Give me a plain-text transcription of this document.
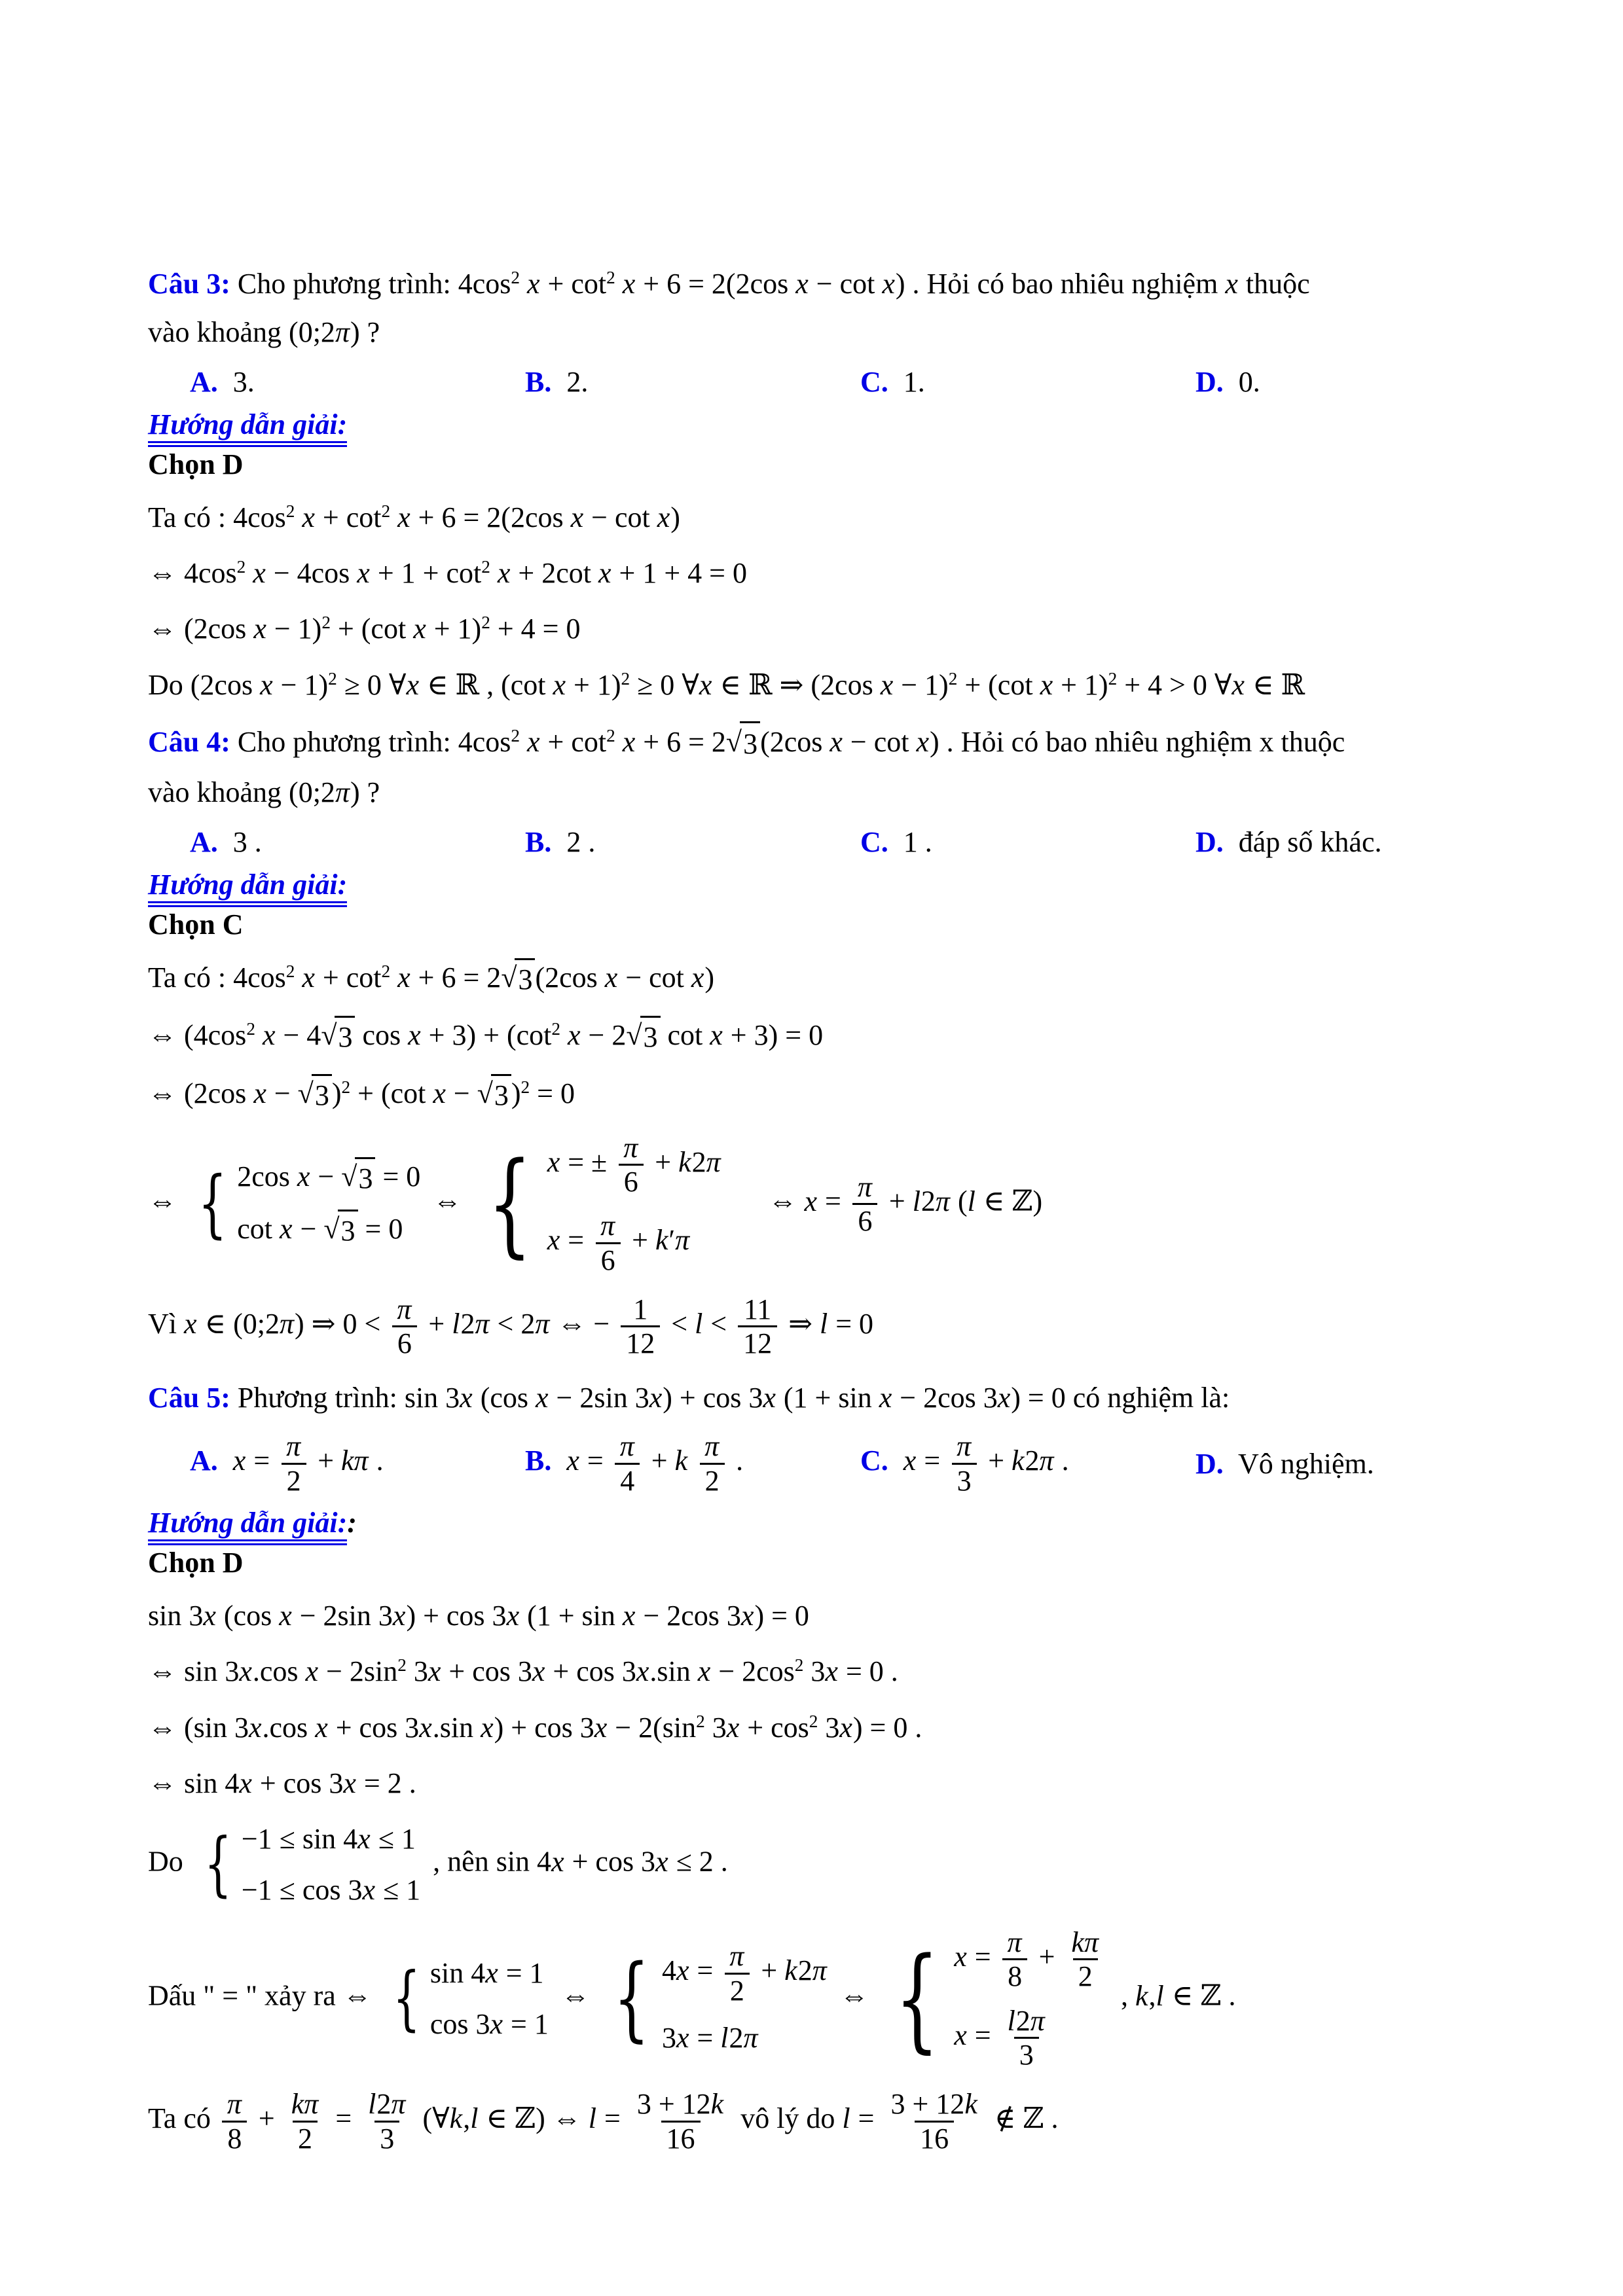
Câu 3: Cho phương trình: $4\cos^2$ $x + \cot^2 x + 6 = 2(2\cos$ x − cot x) . Hỏi có bao nhiêu nghiệm x thuộc
vào khoảng (0;2π) ?
A. 3.	B. 2.	C. 1.	D. 0.
Hướng dẫn giải:
Chọn D
Ta có : $4\cos^2$ $x + \cot^2 x + 6 = 2(2\cos$ x − cot x)
⇔ $4\cos^2$ x − 4cos $x + 1 + \cot^2 x + 2\cot$ x + 1 + 4 = 0
⇔ (2cos x − 1)$^2$ + (cot x + 1)$^2$ + 4 = 0
Do (2cos x − 1)$^2$ ≥ 0 ∀x ∈ ℝ , (cot x + 1)$^2$ ≥ 0 ∀x ∈ ℝ ⇒ (2cos x − 1)$^2$ + (cot x + 1)$^2$ + 4 > 0 ∀x ∈ ℝ
Câu 4: Cho phương trình: $4\cos^2$ $x + \cot^2 x + 6 = 2$ √ 3 (2cos x − cot x) . Hỏi có bao nhiêu nghiệm x thuộc
vào khoảng (0;2π) ?
A. 3 .	B. 2 .	C. 1 .	D. đáp số khác.
Hướng dẫn giải:
Chọn C
Ta có : $4\cos^2$ $x + \cot^2 x + 6 = 2$ √ 3 (2cos x − cot x)
⇔ ($4\cos^2$ x − 4 √ 3 $\cos x + 3) + (\cot^2$ x − 2 √ 3 cot x + 3) = 0
⇔ (2cos x − √ 3 )$^2$ + (cot x − √ 3 )$^2$ = 0
⇔ { 2cos x − √ 3 = 0
cot x − √ 3 = 0
⇔ { x = ± $\frac{\pi}{6} + k2\pi$
$x = \frac{\pi}{6} + k'\pi$
⇔ $x = \frac{\pi}{6} + l2\pi$ (l ∈ ℤ)
Vì x ∈ (0;2π) ⇒ $0 < \frac{\pi}{6} + l2\pi < 2\pi$ ⇔ − $\frac{1}{12} < l < \frac{11}{12}$ ⇒ l = 0
Câu 5: Phương trình: sin 3x (cos x − 2sin 3x) + cos 3x (1 + sin x − 2cos 3x) = 0 có nghiệm là:
A. $x = \frac{\pi}{2} + k\pi$ .	B. $x = \frac{\pi}{4} + k \frac{\pi}{2}$ .	C. $x = \frac{\pi}{3} + k2\pi$ .	D. Vô nghiệm.
Hướng dẫn giải::
Chọn D
sin 3x (cos x − 2sin 3x) + cos 3x (1 + sin x − 2cos 3x) = 0
⇔ sin 3x.cos $x - 2\sin^2$ 3x + cos 3x + cos 3x.sin $x - 2\cos^2$ 3x = 0 .
⇔ (sin 3x.cos x + cos 3x.sin $x) + \cos 3x - 2(\sin^2$ $3x + \cos^2 3x) = 0$ .
⇔ sin 4x + cos 3x = 2 .
Do { −1 ≤ sin 4x ≤ 1
−1 ≤ cos 3x ≤ 1
, nên sin 4x + cos 3x ≤ 2 .
Dấu " = " xảy ra ⇔ { sin 4x = 1
cos 3x = 1
⇔ { $4x = \frac{\pi}{2} + k2\pi$
3x = l2π
⇔ { $x = \frac{\pi}{8} + \frac{k\pi}{2}$
$x = \frac{l2\pi}{3}$
, k,l ∈ ℤ .
Ta có $\frac{\pi}{8} + \frac{k\pi}{2} = \frac{l2\pi}{3}$ (∀k,l ∈ ℤ) ⇔ $l = \frac{3 + 12k}{16}$ vô lý do $l = \frac{3 + 12k}{16}$ ∉ ℤ .
